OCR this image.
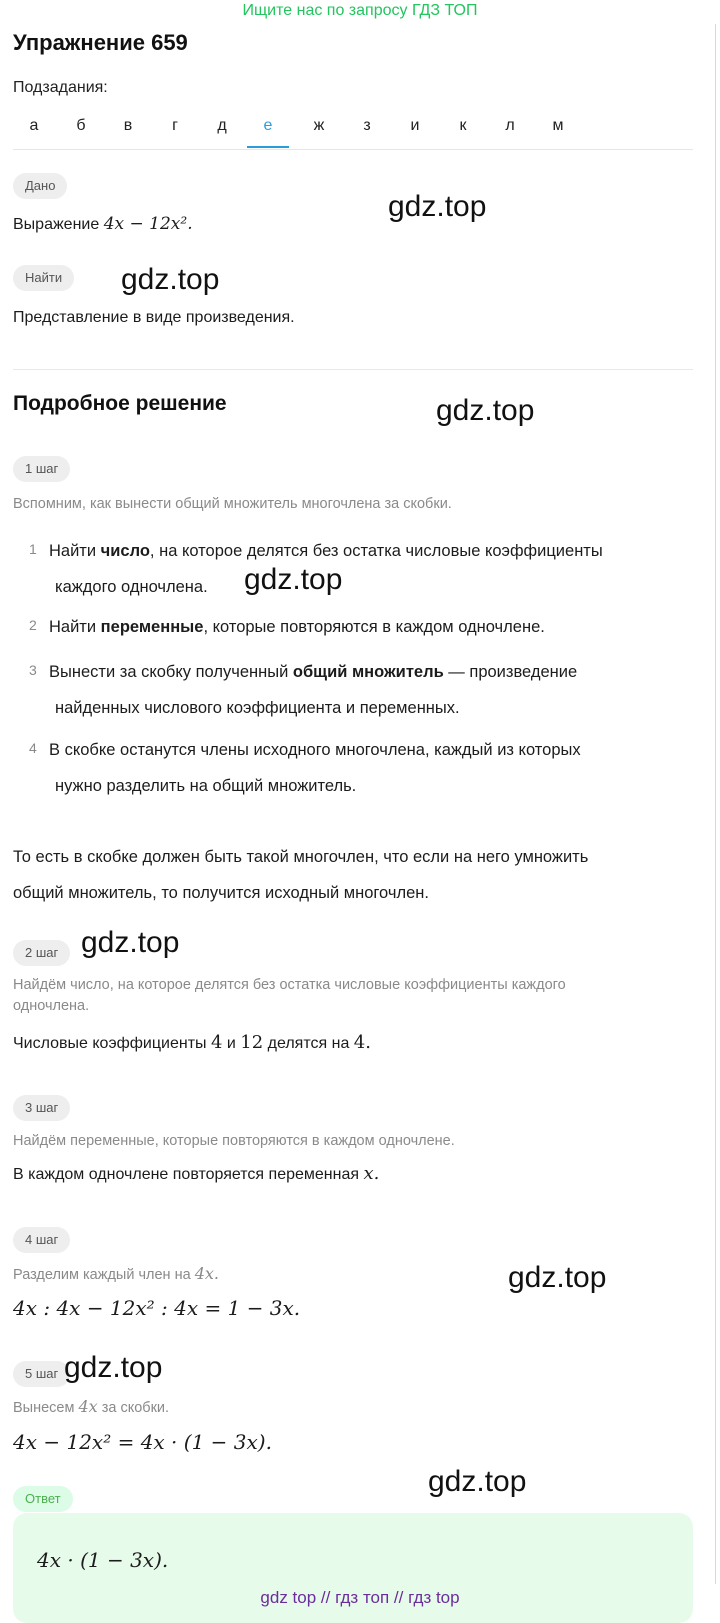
Ищите нас по запросу ГДЗ ТОП
Упражнение 659
Подзадания:
а	б	в	г	д	е	ж	з	и	к	л	м
Дано
Выражение 4x − 12x².
Найти
Представление в виде произведения.
Подробное решение
1 шаг
Вспомним, как вынести общий множитель многочлена за скобки.
1 Найти число, на которое делятся без остатка числовые коэффициенты
каждого одночлена.
2 Найти переменные, которые повторяются в каждом одночлене.
3 Вынести за скобку полученный общий множитель — произведение
найденных числового коэффициента и переменных.
4 В скобке останутся члены исходного многочлена, каждый из которых
нужно разделить на общий множитель.
То есть в скобке должен быть такой многочлен, что если на него умножить
общий множитель, то получится исходный многочлен.
2 шаг
Найдём число, на которое делятся без остатка числовые коэффициенты каждого
одночлена.
Числовые коэффициенты 4 и 12 делятся на 4.
3 шаг
Найдём переменные, которые повторяются в каждом одночлене.
В каждом одночлене повторяется переменная x.
4 шаг
Разделим каждый член на 4x.
4x : 4x − 12x² : 4x = 1 − 3x.
5 шаг
Вынесем 4x за скобки.
4x − 12x² = 4x · (1 − 3x).
Ответ
4x · (1 − 3x).
gdz.top
gdz.top
gdz.top
gdz.top
gdz.top
gdz.top
gdz.top
gdz.top
gdz top // гдз топ // гдз top
